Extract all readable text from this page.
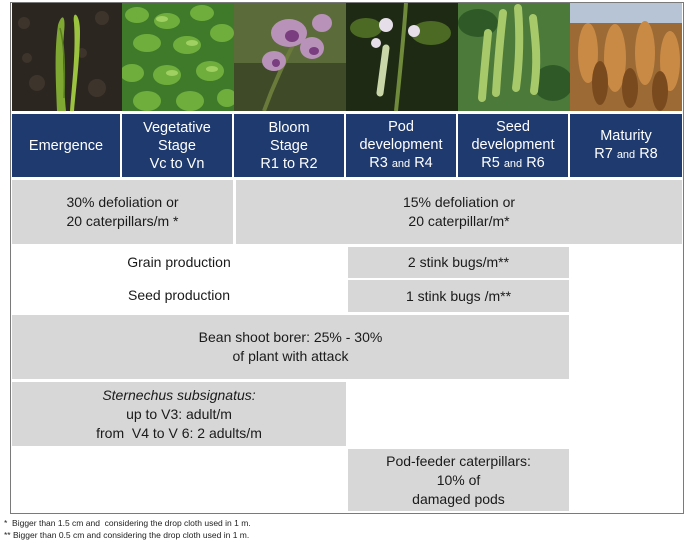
Emergence
Vegetative
Stage
Vc to Vn
Bloom
Stage
R1 to R2
Pod
development
R3 and R4
Seed
development
R5 and R6
Maturity
R7 and R8
30% defoliation or
20 caterpillars/m *
15% defoliation or
20 caterpillar/m*
Grain production	2 stink bugs/m**
Seed production	1 stink bugs /m**
Bean shoot borer: 25% - 30%
of plant with attack
Sternechus subsignatus:
up to V3: adult/m
from  V4 to V 6: 2 adults/m
Pod-feeder caterpillars:
10% of
damaged pods
*  Bigger than 1.5 cm and  considering the drop cloth used in 1 m.
** Bigger than 0.5 cm and considering the drop cloth used in 1 m.
